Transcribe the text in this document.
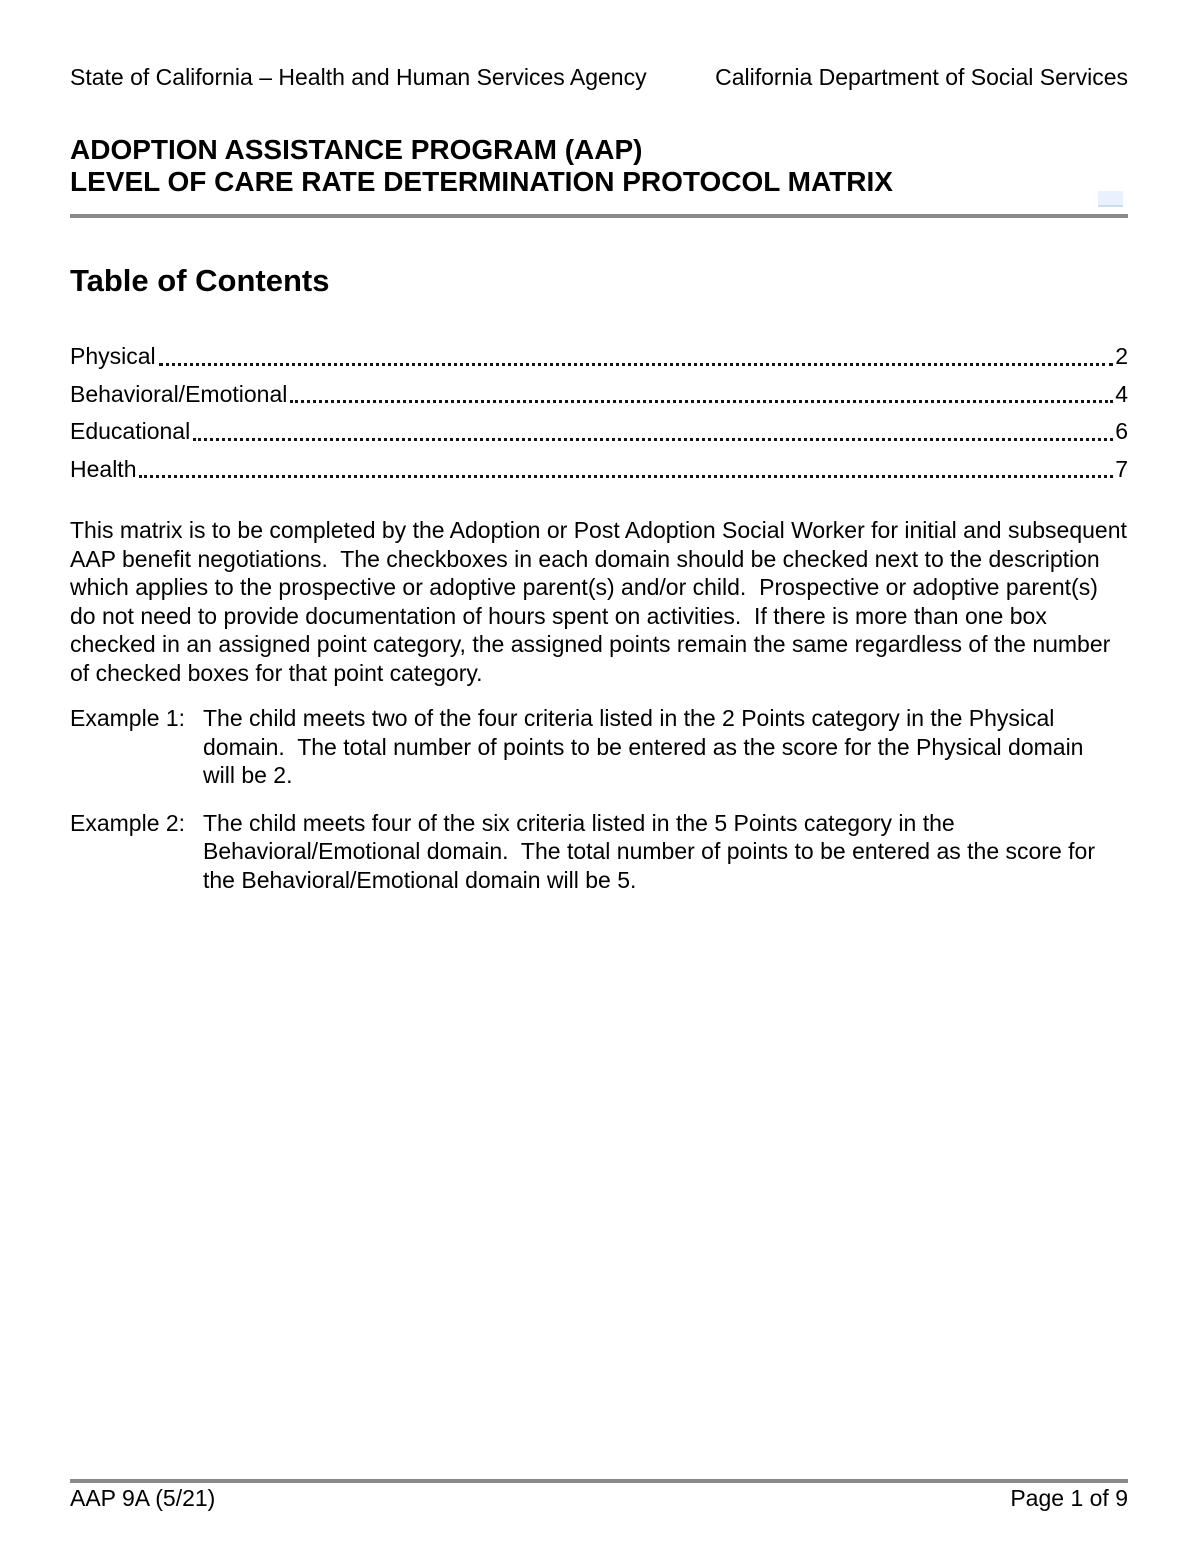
State of California – Health and Human Services Agency	California Department of Social Services
ADOPTION ASSISTANCE PROGRAM (AAP)
LEVEL OF CARE RATE DETERMINATION PROTOCOL MATRIX
Table of Contents
Physical	2
Behavioral/Emotional	4
Educational	6
Health	7

This matrix is to be completed by the Adoption or Post Adoption Social Worker for initial and subsequent AAP benefit negotiations.  The checkboxes in each domain should be checked next to the description which applies to the prospective or adoptive parent(s) and/or child.  Prospective or adoptive parent(s) do not need to provide documentation of hours spent on activities.  If there is more than one box checked in an assigned point category, the assigned points remain the same regardless of the number of checked boxes for that point category.

Example 1: The child meets two of the four criteria listed in the 2 Points category in the Physical domain.  The total number of points to be entered as the score for the Physical domain will be 2.
Example 2: The child meets four of the six criteria listed in the 5 Points category in the Behavioral/Emotional domain.  The total number of points to be entered as the score for the Behavioral/Emotional domain will be 5.
AAP 9A (5/21)	Page 1 of 9
